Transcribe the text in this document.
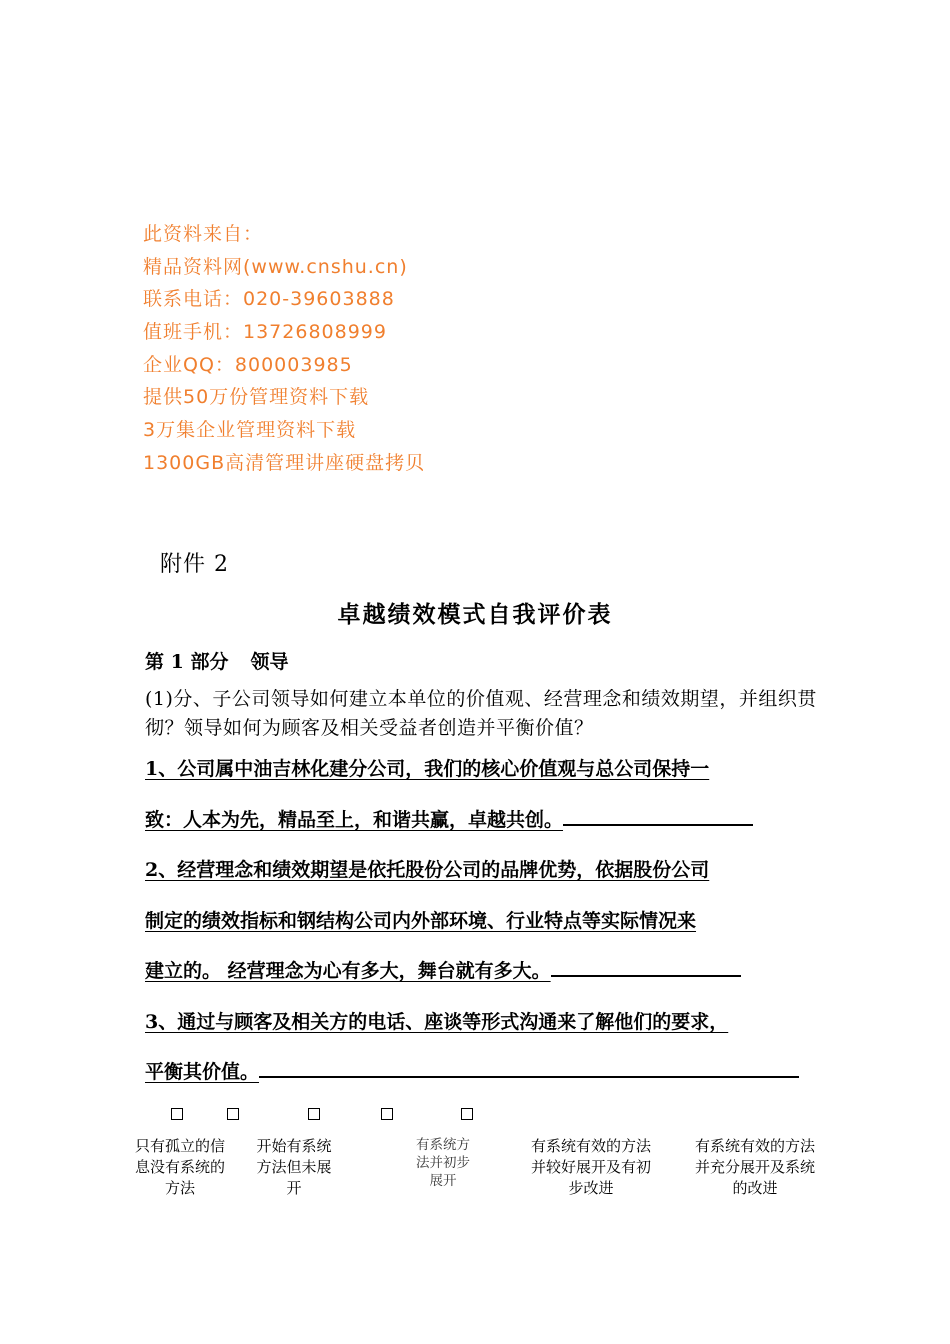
此资料来自：
精品资料网(www.cnshu.cn)
联系电话：020-39603888
值班手机：13726808999
企业QQ：800003985
提供50万份管理资料下载
3万集企业管理资料下载
1300GB高清管理讲座硬盘拷贝
附件 2
卓越绩效模式自我评价表
第 1 部分 领导
(1)分、子公司领导如何建立本单位的价值观、经营理念和绩效期望，并组织贯彻？领导如何为顾客及相关受益者创造并平衡价值？
1、公司属中油吉林化建分公司，我们的核心价值观与总公司保持一
致：人本为先，精品至上，和谐共赢，卓越共创。
2、经营理念和绩效期望是依托股份公司的品牌优势，依据股份公司
制定的绩效指标和钢结构公司内外部环境、行业特点等实际情况来
建立的。 经营理念为心有多大，舞台就有多大。
3、通过与顾客及相关方的电话、座谈等形式沟通来了解他们的要求，
平衡其价值。
只有孤立的信息没有系统的方法
开始有系统方法但未展开
有系统方法并初步展开
有系统有效的方法并较好展开及有初步改进
有系统有效的方法并充分展开及系统的改进
